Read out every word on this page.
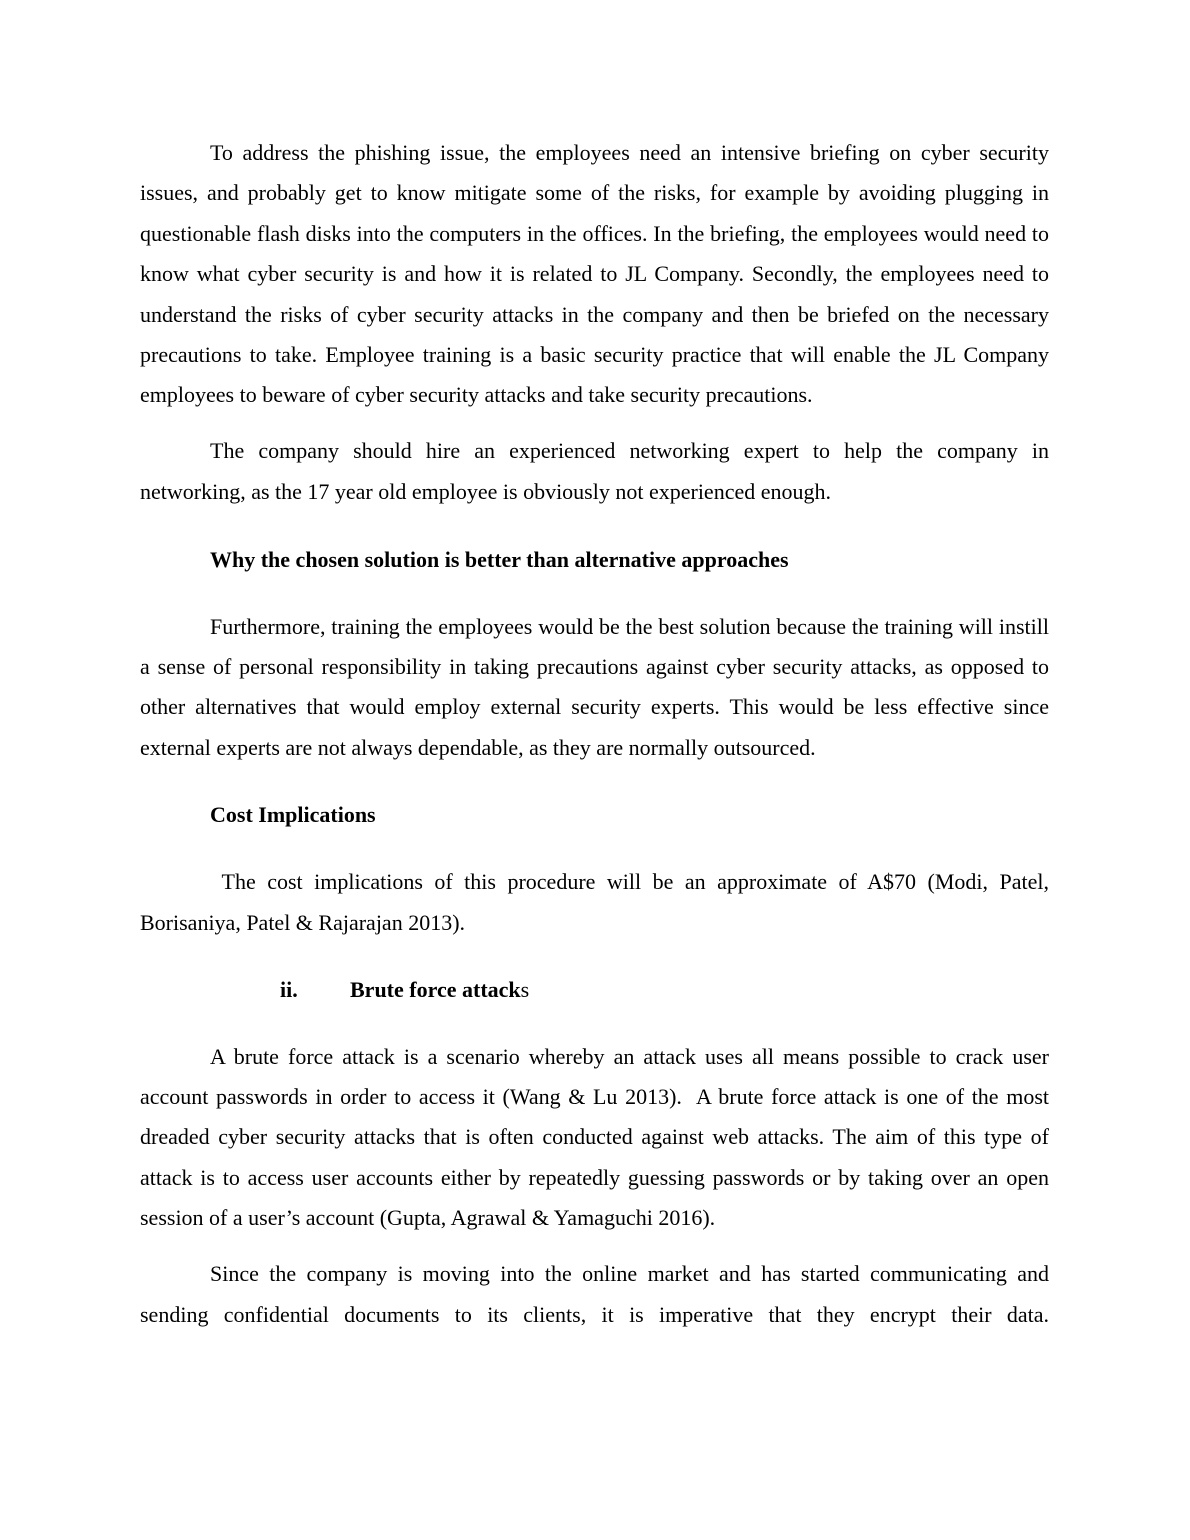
To address the phishing issue, the employees need an intensive briefing on cyber security issues, and probably get to know mitigate some of the risks, for example by avoiding plugging in questionable flash disks into the computers in the offices. In the briefing, the employees would need to know what cyber security is and how it is related to JL Company. Secondly, the employees need to understand the risks of cyber security attacks in the company and then be briefed on the necessary precautions to take. Employee training is a basic security practice that will enable the JL Company employees to beware of cyber security attacks and take security precautions.

The company should hire an experienced networking expert to help the company in networking, as the 17 year old employee is obviously not experienced enough.

Why the chosen solution is better than alternative approaches

Furthermore, training the employees would be the best solution because the training will instill a sense of personal responsibility in taking precautions against cyber security attacks, as opposed to other alternatives that would employ external security experts. This would be less effective since external experts are not always dependable, as they are normally outsourced.

Cost Implications

The cost implications of this procedure will be an approximate of A$70 (Modi, Patel, Borisaniya, Patel & Rajarajan 2013).

ii. Brute force attacks

A brute force attack is a scenario whereby an attack uses all means possible to crack user account passwords in order to access it (Wang & Lu 2013).  A brute force attack is one of the most dreaded cyber security attacks that is often conducted against web attacks. The aim of this type of attack is to access user accounts either by repeatedly guessing passwords or by taking over an open session of a user’s account (Gupta, Agrawal & Yamaguchi 2016).

Since the company is moving into the online market and has started communicating and sending confidential documents to its clients, it is imperative that they encrypt their data.
